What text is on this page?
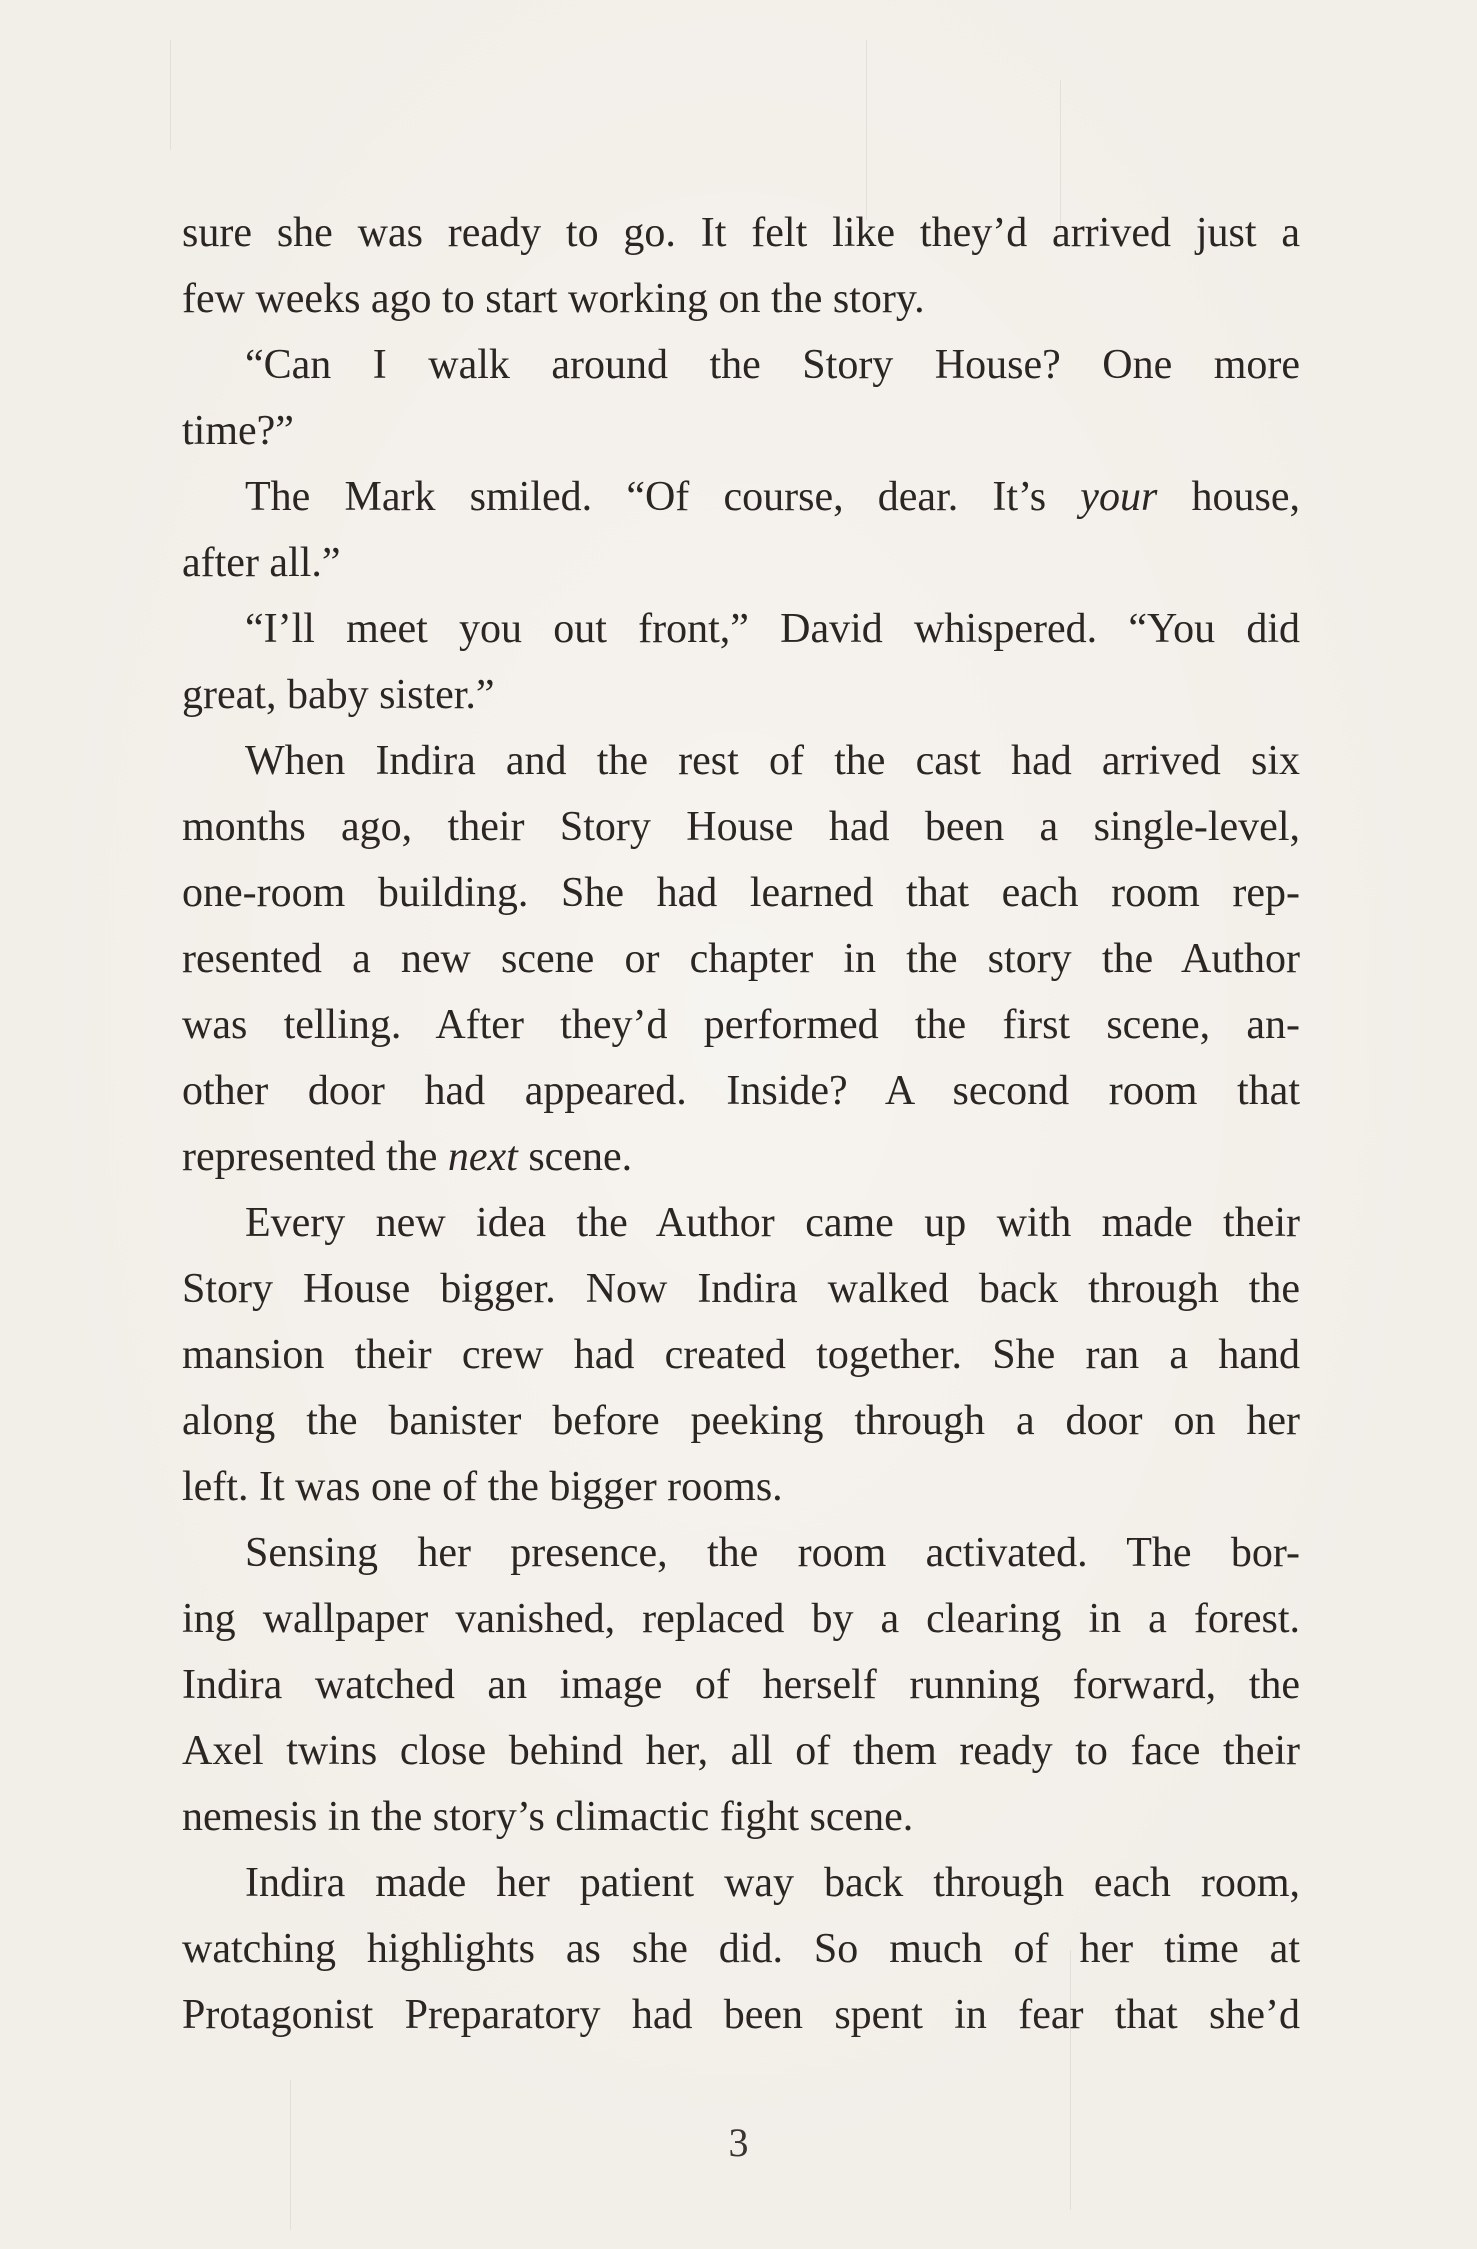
sure she was ready to go. It felt like they’d arrived just a
few weeks ago to start working on the story.
“Can I walk around the Story House? One more
time?”
The Mark smiled. “Of course, dear. It’s your house,
after all.”
“I’ll meet you out front,” David whispered. “You did
great, baby sister.”
When Indira and the rest of the cast had arrived six
months ago, their Story House had been a single-level,
one-room building. She had learned that each room rep-
resented a new scene or chapter in the story the Author
was telling. After they’d performed the first scene, an-
other door had appeared. Inside? A second room that
represented the next scene.
Every new idea the Author came up with made their
Story House bigger. Now Indira walked back through the
mansion their crew had created together. She ran a hand
along the banister before peeking through a door on her
left. It was one of the bigger rooms.
Sensing her presence, the room activated. The bor-
ing wallpaper vanished, replaced by a clearing in a forest.
Indira watched an image of herself running forward, the
Axel twins close behind her, all of them ready to face their
nemesis in the story’s climactic fight scene.
Indira made her patient way back through each room,
watching highlights as she did. So much of her time at
Protagonist Preparatory had been spent in fear that she’d
3
